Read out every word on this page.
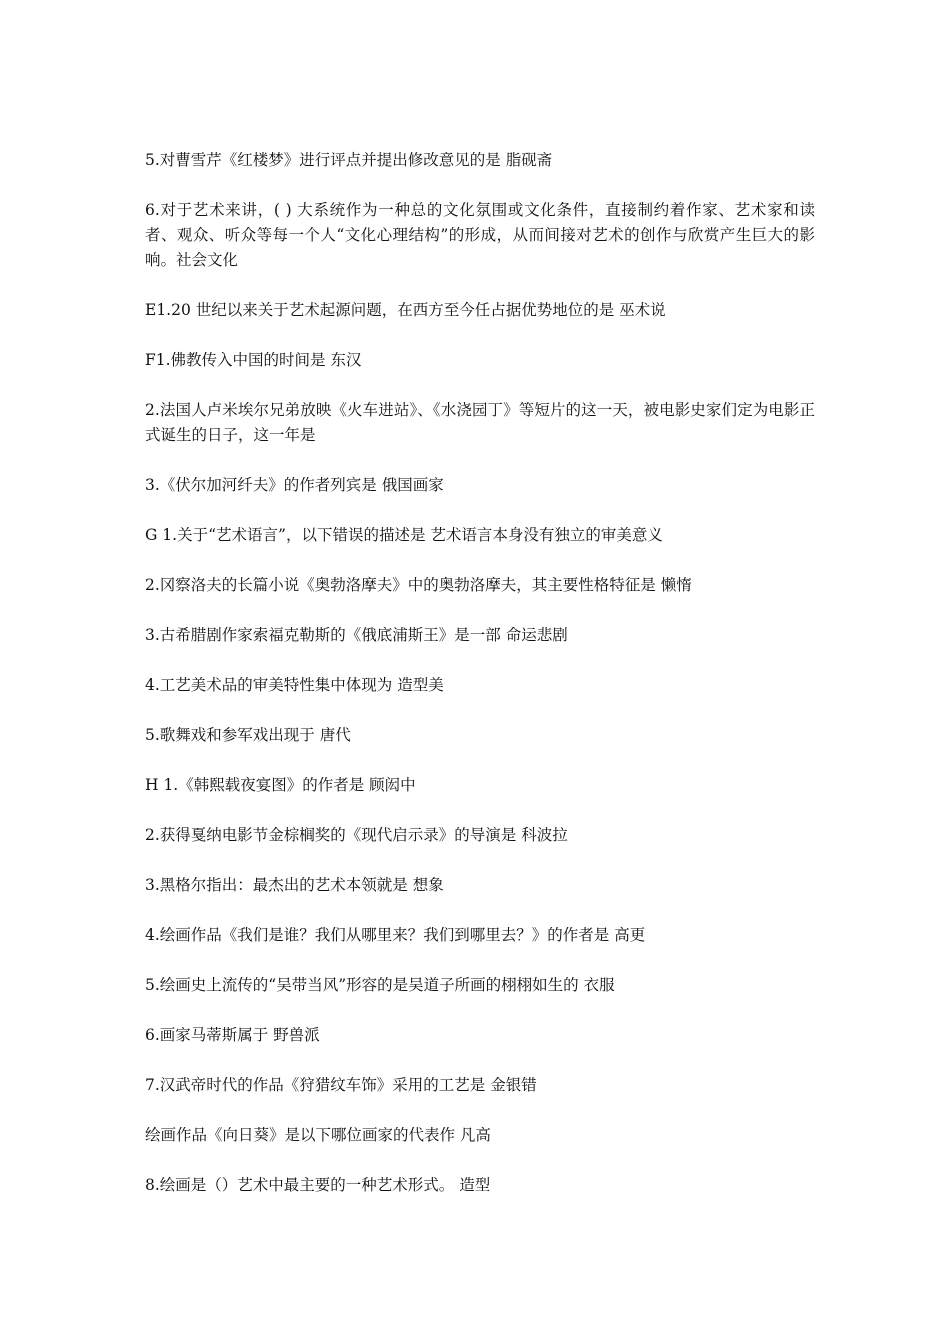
5.对曹雪芹《红楼梦》进行评点并提出修改意见的是 脂砚斋

6.对于艺术来讲，( ) 大系统作为一种总的文化氛围或文化条件，直接制约着作家、艺术家和读者、观众、听众等每一个人“文化心理结构”的形成，从而间接对艺术的创作与欣赏产生巨大的影响。社会文化

E1.20 世纪以来关于艺术起源问题，在西方至今任占据优势地位的是 巫术说

F1.佛教传入中国的时间是 东汉

2.法国人卢米埃尔兄弟放映《火车进站》、《水浇园丁》等短片的这一天，被电影史家们定为电影正式诞生的日子，这一年是

3.《伏尔加河纤夫》的作者列宾是 俄国画家

G 1.关于“艺术语言”，以下错误的描述是 艺术语言本身没有独立的审美意义

2.冈察洛夫的长篇小说《奥勃洛摩夫》中的奥勃洛摩夫，其主要性格特征是 懒惰

3.古希腊剧作家索福克勒斯的《俄底浦斯王》是一部 命运悲剧

4.工艺美术品的审美特性集中体现为 造型美

5.歌舞戏和参军戏出现于 唐代

H 1.《韩熙载夜宴图》的作者是 顾闳中

2.获得戛纳电影节金棕榈奖的《现代启示录》的导演是 科波拉

3.黑格尔指出：最杰出的艺术本领就是 想象

4.绘画作品《我们是谁？我们从哪里来？我们到哪里去？》的作者是 高更

5.绘画史上流传的“吴带当风”形容的是吴道子所画的栩栩如生的 衣服

6.画家马蒂斯属于 野兽派

7.汉武帝时代的作品《狩猎纹车饰》采用的工艺是 金银错

绘画作品《向日葵》是以下哪位画家的代表作 凡高

8.绘画是（）艺术中最主要的一种艺术形式。 造型
